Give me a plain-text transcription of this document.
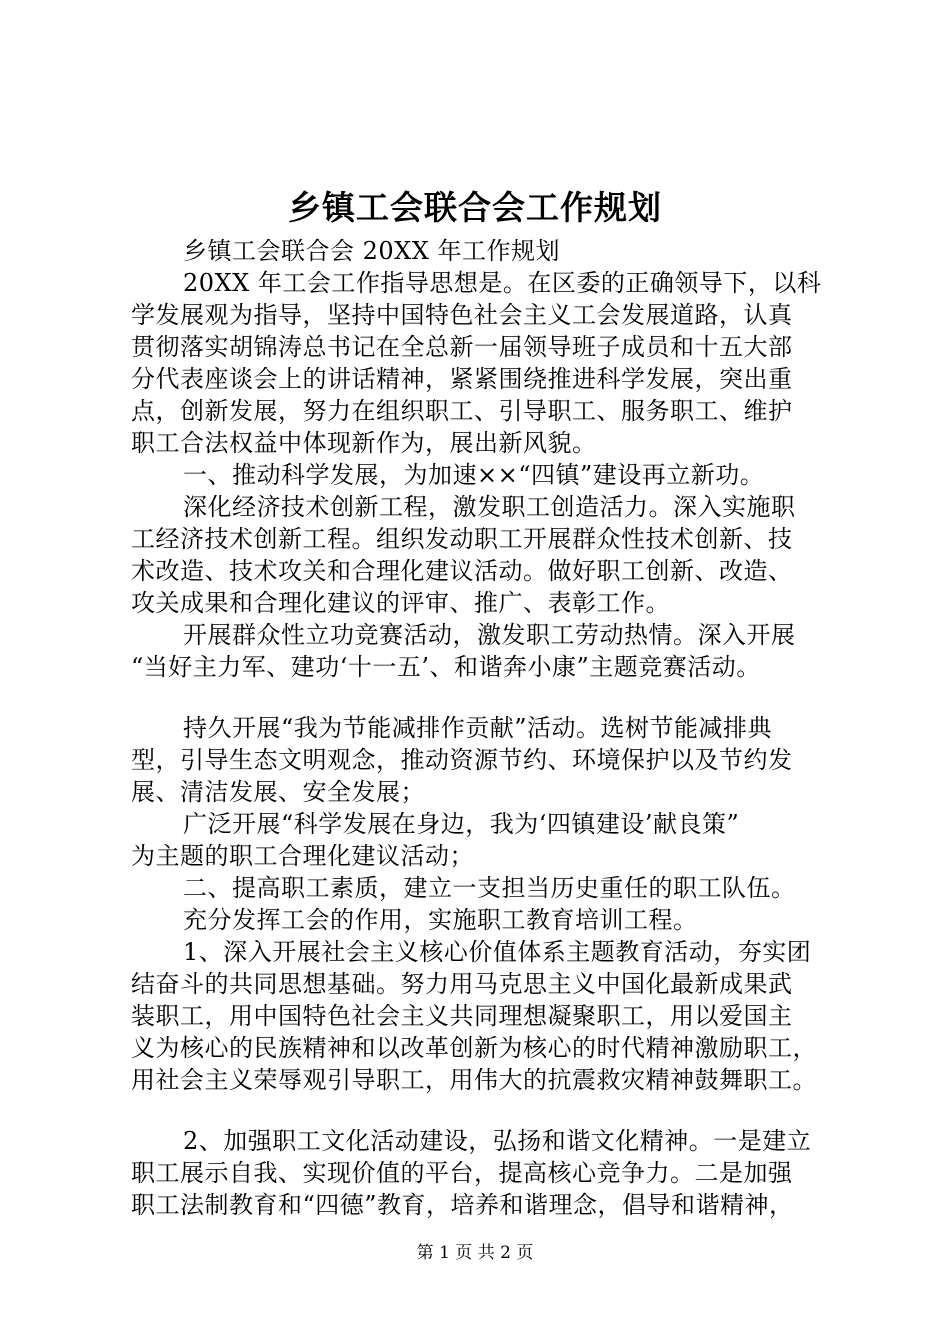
乡镇工会联合会工作规划
乡镇工会联合会 20XX 年工作规划
20XX 年工会工作指导思想是。在区委的正确领导下，以科
学发展观为指导，坚持中国特色社会主义工会发展道路，认真
贯彻落实胡锦涛总书记在全总新一届领导班子成员和十五大部
分代表座谈会上的讲话精神，紧紧围绕推进科学发展，突出重
点，创新发展，努力在组织职工、引导职工、服务职工、维护
职工合法权益中体现新作为，展出新风貌。
一、推动科学发展，为加速××“四镇”建设再立新功。
深化经济技术创新工程，激发职工创造活力。深入实施职
工经济技术创新工程。组织发动职工开展群众性技术创新、技
术改造、技术攻关和合理化建议活动。做好职工创新、改造、
攻关成果和合理化建议的评审、推广、表彰工作。
开展群众性立功竞赛活动，激发职工劳动热情。深入开展
“当好主力军、建功‘十一五’、和谐奔小康”主题竞赛活动。
持久开展“我为节能减排作贡献”活动。选树节能减排典
型，引导生态文明观念，推动资源节约、环境保护以及节约发
展、清洁发展、安全发展；
广泛开展“科学发展在身边，我为‘四镇建设’献良策”
为主题的职工合理化建议活动；
二、提高职工素质，建立一支担当历史重任的职工队伍。
充分发挥工会的作用，实施职工教育培训工程。
1、深入开展社会主义核心价值体系主题教育活动，夯实团
结奋斗的共同思想基础。努力用马克思主义中国化最新成果武
装职工，用中国特色社会主义共同理想凝聚职工，用以爱国主
义为核心的民族精神和以改革创新为核心的时代精神激励职工，
用社会主义荣辱观引导职工，用伟大的抗震救灾精神鼓舞职工。
2、加强职工文化活动建设，弘扬和谐文化精神。一是建立
职工展示自我、实现价值的平台，提高核心竞争力。二是加强
职工法制教育和“四德”教育，培养和谐理念，倡导和谐精神，
第 1 页 共 2 页
